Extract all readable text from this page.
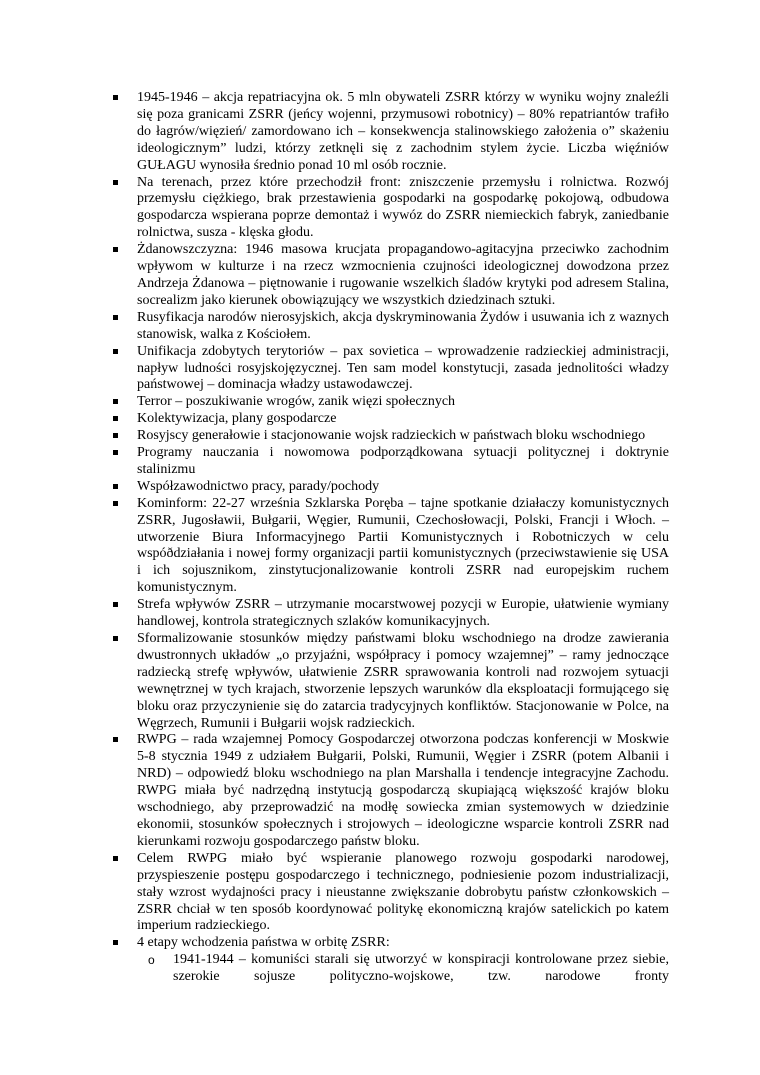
1945-1946 – akcja repatriacyjna ok. 5 mln obywateli ZSRR którzy w wyniku wojny znaleźli się poza granicami ZSRR (jeńcy wojenni, przymusowi robotnicy) – 80% repatriantów trafiło do łagrów/więzień/ zamordowano ich – konsekwencja stalinowskiego założenia o” skażeniu ideologicznym” ludzi, którzy zetknęli się z zachodnim stylem życie. Liczba więźniów GUŁAGU wynosiła średnio ponad 10 ml osób rocznie.
Na terenach, przez które przechodził front: zniszczenie przemysłu i rolnictwa. Rozwój przemysłu ciężkiego, brak przestawienia gospodarki na gospodarkę pokojową, odbudowa gospodarcza wspierana poprze demontaż i wywóz do ZSRR niemieckich fabryk, zaniedbanie rolnictwa, susza - klęska głodu.
Żdanowszczyzna: 1946 masowa krucjata propagandowo-agitacyjna przeciwko zachodnim wpływom w kulturze i na rzecz wzmocnienia czujności ideologicznej dowodzona przez Andrzeja Żdanowa – piętnowanie i rugowanie wszelkich śladów krytyki pod adresem Stalina, socrealizm jako kierunek obowiązujący we wszystkich dziedzinach sztuki.
Rusyfikacja narodów nierosyjskich, akcja dyskryminowania Żydów i usuwania ich z waznych stanowisk, walka z Kościołem.
Unifikacja zdobytych terytoriów – pax sovietica – wprowadzenie radzieckiej administracji, napływ ludności rosyjskojęzycznej. Ten sam model konstytucji, zasada jednolitości władzy państwowej – dominacja władzy ustawodawczej.
Terror – poszukiwanie wrogów, zanik więzi społecznych
Kolektywizacja, plany gospodarcze
Rosyjscy generałowie i stacjonowanie wojsk radzieckich w państwach bloku wschodniego
Programy nauczania i nowomowa podporządkowana sytuacji politycznej i doktrynie stalinizmu
Współzawodnictwo pracy, parady/pochody
Kominform: 22-27 września Szklarska Poręba – tajne spotkanie działaczy komunistycznych ZSRR, Jugosławii, Bułgarii, Węgier, Rumunii, Czechosłowacji, Polski, Francji i Włoch. – utworzenie Biura Informacyjnego Partii Komunistycznych i Robotniczych w celu wspóðdziałania i nowej formy organizacji partii komunistycznych (przeciwstawienie się USA i ich sojusznikom, zinstytucjonalizowanie kontroli ZSRR nad europejskim ruchem komunistycznym.
Strefa wpływów ZSRR – utrzymanie mocarstwowej pozycji w Europie, ułatwienie wymiany handlowej, kontrola strategicznych szlaków komunikacyjnych.
Sformalizowanie stosunków między państwami bloku wschodniego na drodze zawierania dwustronnych układów „o przyjaźni, współpracy i pomocy wzajemnej” – ramy jednoczące radziecką strefę wpływów, ułatwienie ZSRR sprawowania kontroli nad rozwojem sytuacji wewnętrznej w tych krajach, stworzenie lepszych warunków dla eksploatacji formującego się bloku oraz przyczynienie się do zatarcia tradycyjnych konfliktów. Stacjonowanie w Polce, na Węgrzech, Rumunii i Bułgarii wojsk radzieckich.
RWPG – rada wzajemnej Pomocy Gospodarczej otworzona podczas konferencji w Moskwie 5-8 stycznia 1949 z udziałem Bułgarii, Polski, Rumunii, Węgier i ZSRR (potem Albanii i NRD) – odpowiedź bloku wschodniego na plan Marshalla i tendencje integracyjne Zachodu. RWPG miała być nadrzędną instytucją gospodarczą skupiającą większość krajów bloku wschodniego, aby przeprowadzić na modłę sowiecka zmian systemowych w dziedzinie ekonomii, stosunków społecznych i strojowych – ideologiczne wsparcie kontroli ZSRR nad kierunkami rozwoju gospodarczego państw bloku.
Celem RWPG miało być wspieranie planowego rozwoju gospodarki narodowej, przyspieszenie postępu gospodarczego i technicznego, podniesienie pozom industrializacji, stały wzrost wydajności pracy i nieustanne zwiększanie dobrobytu państw członkowskich – ZSRR chciał w ten sposób koordynować politykę ekonomiczną krajów satelickich po katem imperium radzieckiego.
4 etapy wchodzenia państwa w orbitę ZSRR:
o 1941-1944 – komuniści starali się utworzyć w konspiracji kontrolowane przez siebie, szerokie sojusze polityczno-wojskowe, tzw. narodowe fronty
